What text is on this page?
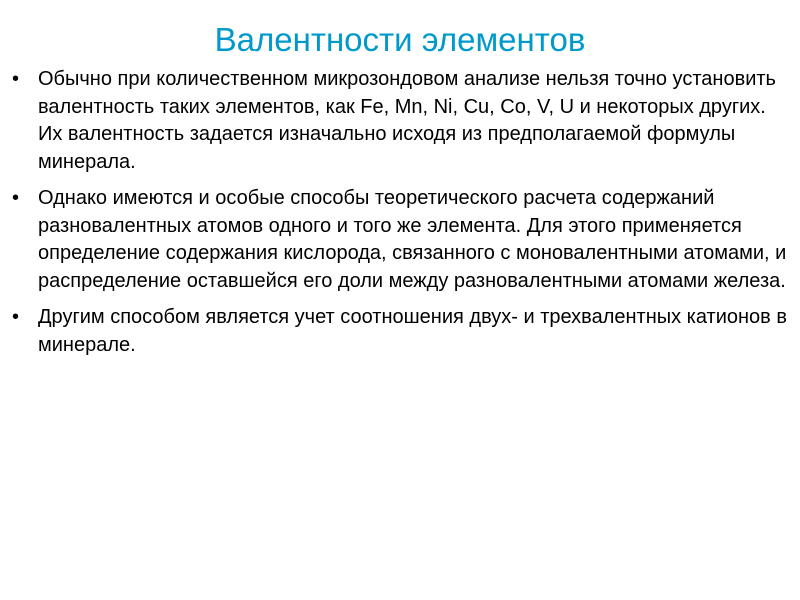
Валентности элементов
• Обычно при количественном микрозондовом анализе нельзя точно установить валентность таких элементов, как Fe, Mn, Ni, Cu, Co, V, U и некоторых других. Их валентность задается изначально исходя из предполагаемой формулы минерала.
• Однако имеются и особые способы теоретического расчета содержаний разновалентных атомов одного и того же элемента. Для этого применяется определение содержания кислорода, связанного с моновалентными атомами, и распределение оставшейся его доли между разновалентными атомами железа.
• Другим способом является учет соотношения двух- и трехвалентных катионов в минерале.
